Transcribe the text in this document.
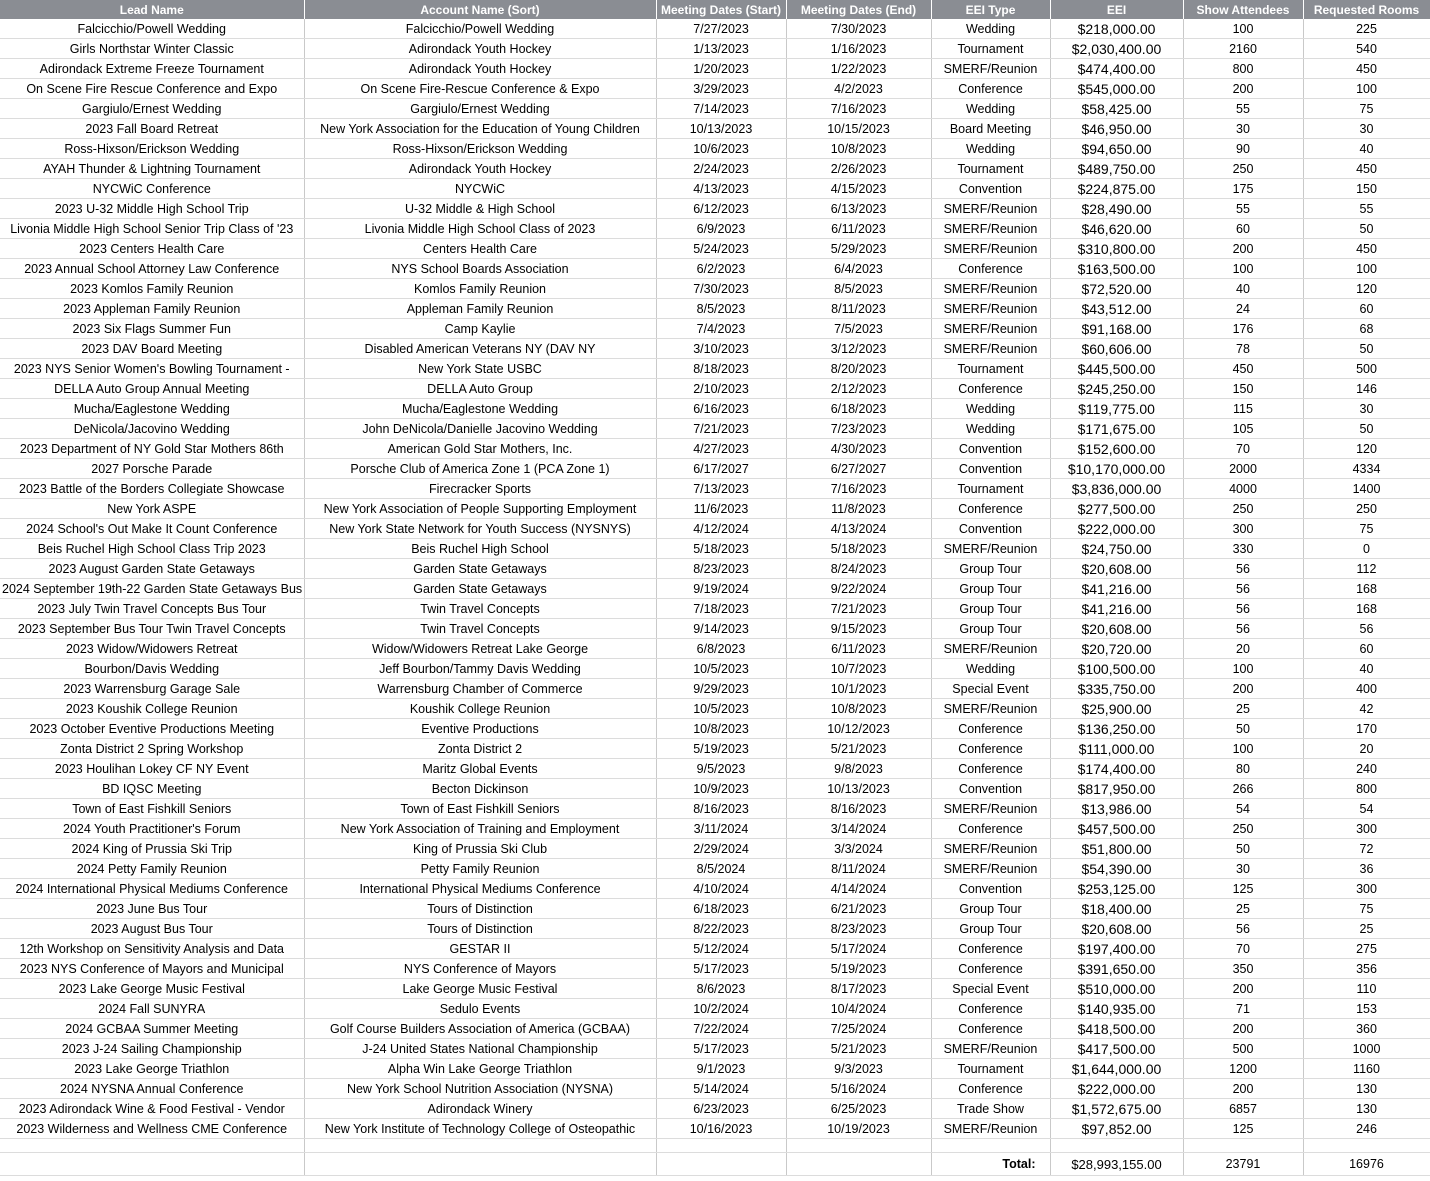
Lead Name	Account Name (Sort)	Meeting Dates (Start)	Meeting Dates (End)	EEI Type	EEI	Show Attendees	Requested Rooms
Falcicchio/Powell Wedding	Falcicchio/Powell Wedding	7/27/2023	7/30/2023	Wedding	$218,000.00	100	225
Girls Northstar Winter Classic	Adirondack Youth Hockey	1/13/2023	1/16/2023	Tournament	$2,030,400.00	2160	540
Adirondack Extreme Freeze Tournament	Adirondack Youth Hockey	1/20/2023	1/22/2023	SMERF/Reunion	$474,400.00	800	450
On Scene Fire Rescue Conference and Expo	On Scene Fire-Rescue Conference & Expo	3/29/2023	4/2/2023	Conference	$545,000.00	200	100
Gargiulo/Ernest Wedding	Gargiulo/Ernest Wedding	7/14/2023	7/16/2023	Wedding	$58,425.00	55	75
2023 Fall Board Retreat	New York Association for the Education of Young Children	10/13/2023	10/15/2023	Board Meeting	$46,950.00	30	30
Ross-Hixson/Erickson Wedding	Ross-Hixson/Erickson Wedding	10/6/2023	10/8/2023	Wedding	$94,650.00	90	40
AYAH Thunder & Lightning Tournament	Adirondack Youth Hockey	2/24/2023	2/26/2023	Tournament	$489,750.00	250	450
NYCWiC Conference	NYCWiC	4/13/2023	4/15/2023	Convention	$224,875.00	175	150
2023 U-32 Middle High School Trip	U-32 Middle & High School	6/12/2023	6/13/2023	SMERF/Reunion	$28,490.00	55	55
Livonia Middle High School Senior Trip Class of '23	Livonia Middle High School Class of 2023	6/9/2023	6/11/2023	SMERF/Reunion	$46,620.00	60	50
2023 Centers Health Care	Centers Health Care	5/24/2023	5/29/2023	SMERF/Reunion	$310,800.00	200	450
2023 Annual School Attorney Law Conference	NYS School Boards Association	6/2/2023	6/4/2023	Conference	$163,500.00	100	100
2023 Komlos Family Reunion	Komlos Family Reunion	7/30/2023	8/5/2023	SMERF/Reunion	$72,520.00	40	120
2023 Appleman Family Reunion	Appleman Family Reunion	8/5/2023	8/11/2023	SMERF/Reunion	$43,512.00	24	60
2023 Six Flags Summer Fun	Camp Kaylie	7/4/2023	7/5/2023	SMERF/Reunion	$91,168.00	176	68
2023 DAV Board Meeting	Disabled American Veterans NY (DAV NY	3/10/2023	3/12/2023	SMERF/Reunion	$60,606.00	78	50
2023 NYS Senior Women's Bowling Tournament -	New York State USBC	8/18/2023	8/20/2023	Tournament	$445,500.00	450	500
DELLA Auto Group Annual Meeting	DELLA Auto Group	2/10/2023	2/12/2023	Conference	$245,250.00	150	146
Mucha/Eaglestone Wedding	Mucha/Eaglestone Wedding	6/16/2023	6/18/2023	Wedding	$119,775.00	115	30
DeNicola/Jacovino Wedding	John DeNicola/Danielle Jacovino Wedding	7/21/2023	7/23/2023	Wedding	$171,675.00	105	50
2023 Department of NY Gold Star Mothers 86th	American Gold Star Mothers, Inc.	4/27/2023	4/30/2023	Convention	$152,600.00	70	120
2027 Porsche Parade	Porsche Club of America Zone 1 (PCA Zone 1)	6/17/2027	6/27/2027	Convention	$10,170,000.00	2000	4334
2023 Battle of the Borders Collegiate Showcase	Firecracker Sports	7/13/2023	7/16/2023	Tournament	$3,836,000.00	4000	1400
New York ASPE	New York Association of People Supporting Employment	11/6/2023	11/8/2023	Conference	$277,500.00	250	250
2024 School's Out Make It Count Conference	New York State Network for Youth Success (NYSNYS)	4/12/2024	4/13/2024	Convention	$222,000.00	300	75
Beis Ruchel High School Class Trip 2023	Beis Ruchel High School	5/18/2023	5/18/2023	SMERF/Reunion	$24,750.00	330	0
2023 August Garden State Getaways	Garden State Getaways	8/23/2023	8/24/2023	Group Tour	$20,608.00	56	112
2024 September 19th-22 Garden State Getaways Bus	Garden State Getaways	9/19/2024	9/22/2024	Group Tour	$41,216.00	56	168
2023 July Twin Travel Concepts Bus Tour	Twin Travel Concepts	7/18/2023	7/21/2023	Group Tour	$41,216.00	56	168
2023 September Bus Tour Twin Travel Concepts	Twin Travel Concepts	9/14/2023	9/15/2023	Group Tour	$20,608.00	56	56
2023 Widow/Widowers Retreat	Widow/Widowers Retreat Lake George	6/8/2023	6/11/2023	SMERF/Reunion	$20,720.00	20	60
Bourbon/Davis Wedding	Jeff Bourbon/Tammy Davis Wedding	10/5/2023	10/7/2023	Wedding	$100,500.00	100	40
2023 Warrensburg Garage Sale	Warrensburg Chamber of Commerce	9/29/2023	10/1/2023	Special Event	$335,750.00	200	400
2023 Koushik College Reunion	Koushik College Reunion	10/5/2023	10/8/2023	SMERF/Reunion	$25,900.00	25	42
2023 October Eventive Productions Meeting	Eventive Productions	10/8/2023	10/12/2023	Conference	$136,250.00	50	170
Zonta District 2 Spring Workshop	Zonta District 2	5/19/2023	5/21/2023	Conference	$111,000.00	100	20
2023 Houlihan Lokey CF NY Event	Maritz Global Events	9/5/2023	9/8/2023	Conference	$174,400.00	80	240
BD IQSC Meeting	Becton Dickinson	10/9/2023	10/13/2023	Convention	$817,950.00	266	800
Town of East Fishkill Seniors	Town of East Fishkill Seniors	8/16/2023	8/16/2023	SMERF/Reunion	$13,986.00	54	54
2024 Youth Practitioner's Forum	New York Association of Training and Employment	3/11/2024	3/14/2024	Conference	$457,500.00	250	300
2024 King of Prussia Ski Trip	King of Prussia Ski Club	2/29/2024	3/3/2024	SMERF/Reunion	$51,800.00	50	72
2024 Petty Family Reunion	Petty Family Reunion	8/5/2024	8/11/2024	SMERF/Reunion	$54,390.00	30	36
2024 International Physical Mediums Conference	International Physical Mediums Conference	4/10/2024	4/14/2024	Convention	$253,125.00	125	300
2023 June Bus Tour	Tours of Distinction	6/18/2023	6/21/2023	Group Tour	$18,400.00	25	75
2023 August Bus Tour	Tours of Distinction	8/22/2023	8/23/2023	Group Tour	$20,608.00	56	25
12th Workshop on Sensitivity Analysis and Data	GESTAR II	5/12/2024	5/17/2024	Conference	$197,400.00	70	275
2023 NYS Conference of Mayors and Municipal	NYS Conference of Mayors	5/17/2023	5/19/2023	Conference	$391,650.00	350	356
2023 Lake George Music Festival	Lake George Music Festival	8/6/2023	8/17/2023	Special Event	$510,000.00	200	110
2024 Fall SUNYRA	Sedulo Events	10/2/2024	10/4/2024	Conference	$140,935.00	71	153
2024 GCBAA Summer Meeting	Golf Course Builders Association of America (GCBAA)	7/22/2024	7/25/2024	Conference	$418,500.00	200	360
2023 J-24 Sailing Championship	J-24 United States National Championship	5/17/2023	5/21/2023	SMERF/Reunion	$417,500.00	500	1000
2023 Lake George Triathlon	Alpha Win Lake George Triathlon	9/1/2023	9/3/2023	Tournament	$1,644,000.00	1200	1160
2024 NYSNA Annual Conference	New York School Nutrition Association (NYSNA)	5/14/2024	5/16/2024	Conference	$222,000.00	200	130
2023 Adirondack Wine & Food Festival - Vendor	Adirondack Winery	6/23/2023	6/25/2023	Trade Show	$1,572,675.00	6857	130
2023 Wilderness and Wellness CME Conference	New York Institute of Technology College of Osteopathic	10/16/2023	10/19/2023	SMERF/Reunion	$97,852.00	125	246

				Total:	$28,993,155.00	23791	16976
